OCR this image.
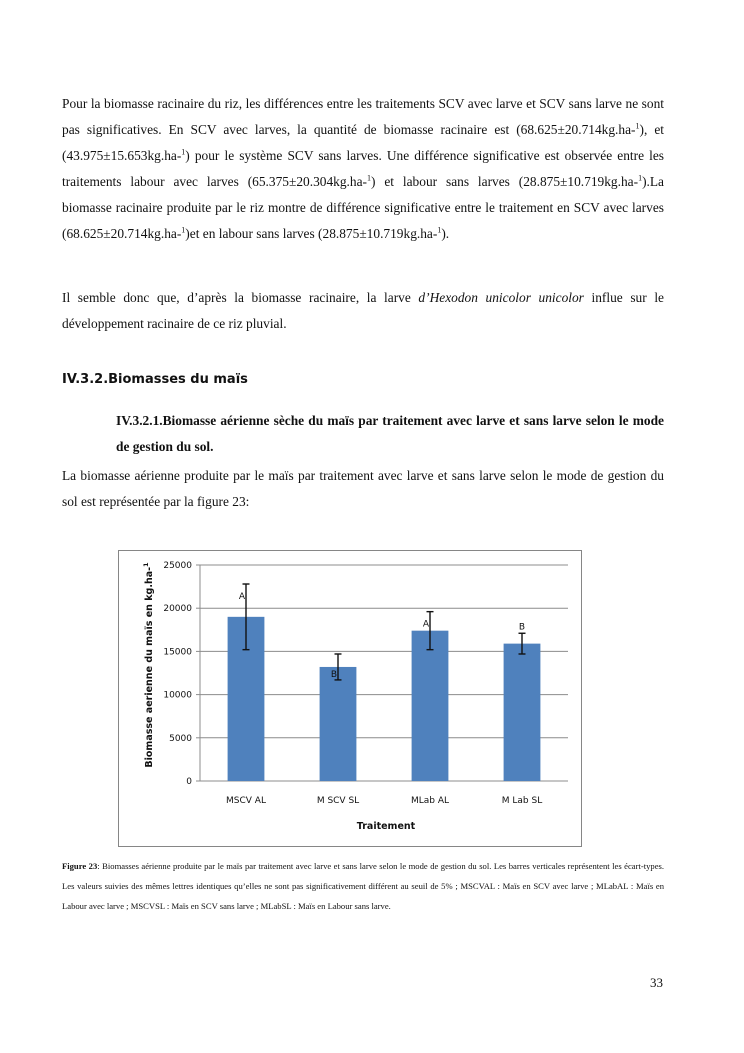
Pour la biomasse racinaire du riz, les différences entre les traitements SCV avec larve et SCV sans larve ne sont pas significatives. En SCV avec larves, la quantité de biomasse racinaire est (68.625±20.714kg.ha-$^1$), et (43.975±15.653kg.ha-$^1$) pour le système SCV sans larves. Une différence significative est observée entre les traitements labour avec larves (65.375±20.304kg.ha-$^1$) et labour sans larves (28.875±10.719kg.ha-$^1$).La biomasse racinaire produite par le riz montre de différence significative entre le traitement en SCV avec larves (68.625±20.714kg.ha-$^1$)et en labour sans larves (28.875±10.719kg.ha-$^1$).

Il semble donc que, d’après la biomasse racinaire, la larve d’Hexodon unicolor unicolor influe sur le développement racinaire de ce riz pluvial.

IV.3.2.Biomasses du maïs
IV.3.2.1.Biomasse aérienne sèche du maïs par traitement avec larve et sans larve selon le mode de gestion du sol.

La biomasse aérienne produite par le maïs par traitement avec larve et sans larve selon le mode de gestion du sol est représentée par la figure 23:

0
5000
10000
15000
20000
25000
A
MSCV AL
B
M SCV SL
A
MLab AL
B
M Lab SL
Traitement
Biomasse aerienne du maïs en kg.ha-$^1$

Figure 23: Biomasses aérienne produite par le maïs par traitement avec larve et sans larve selon le mode de gestion du sol. Les barres verticales représentent les écart-types. Les valeurs suivies des mêmes lettres identiques qu’elles ne sont pas significativement différent au seuil de 5% ; MSCVAL : Maïs en SCV avec larve ; MLabAL : Maïs en Labour avec larve ; MSCVSL : Maïs en SCV sans larve ; MLabSL : Maïs en Labour sans larve.

33
